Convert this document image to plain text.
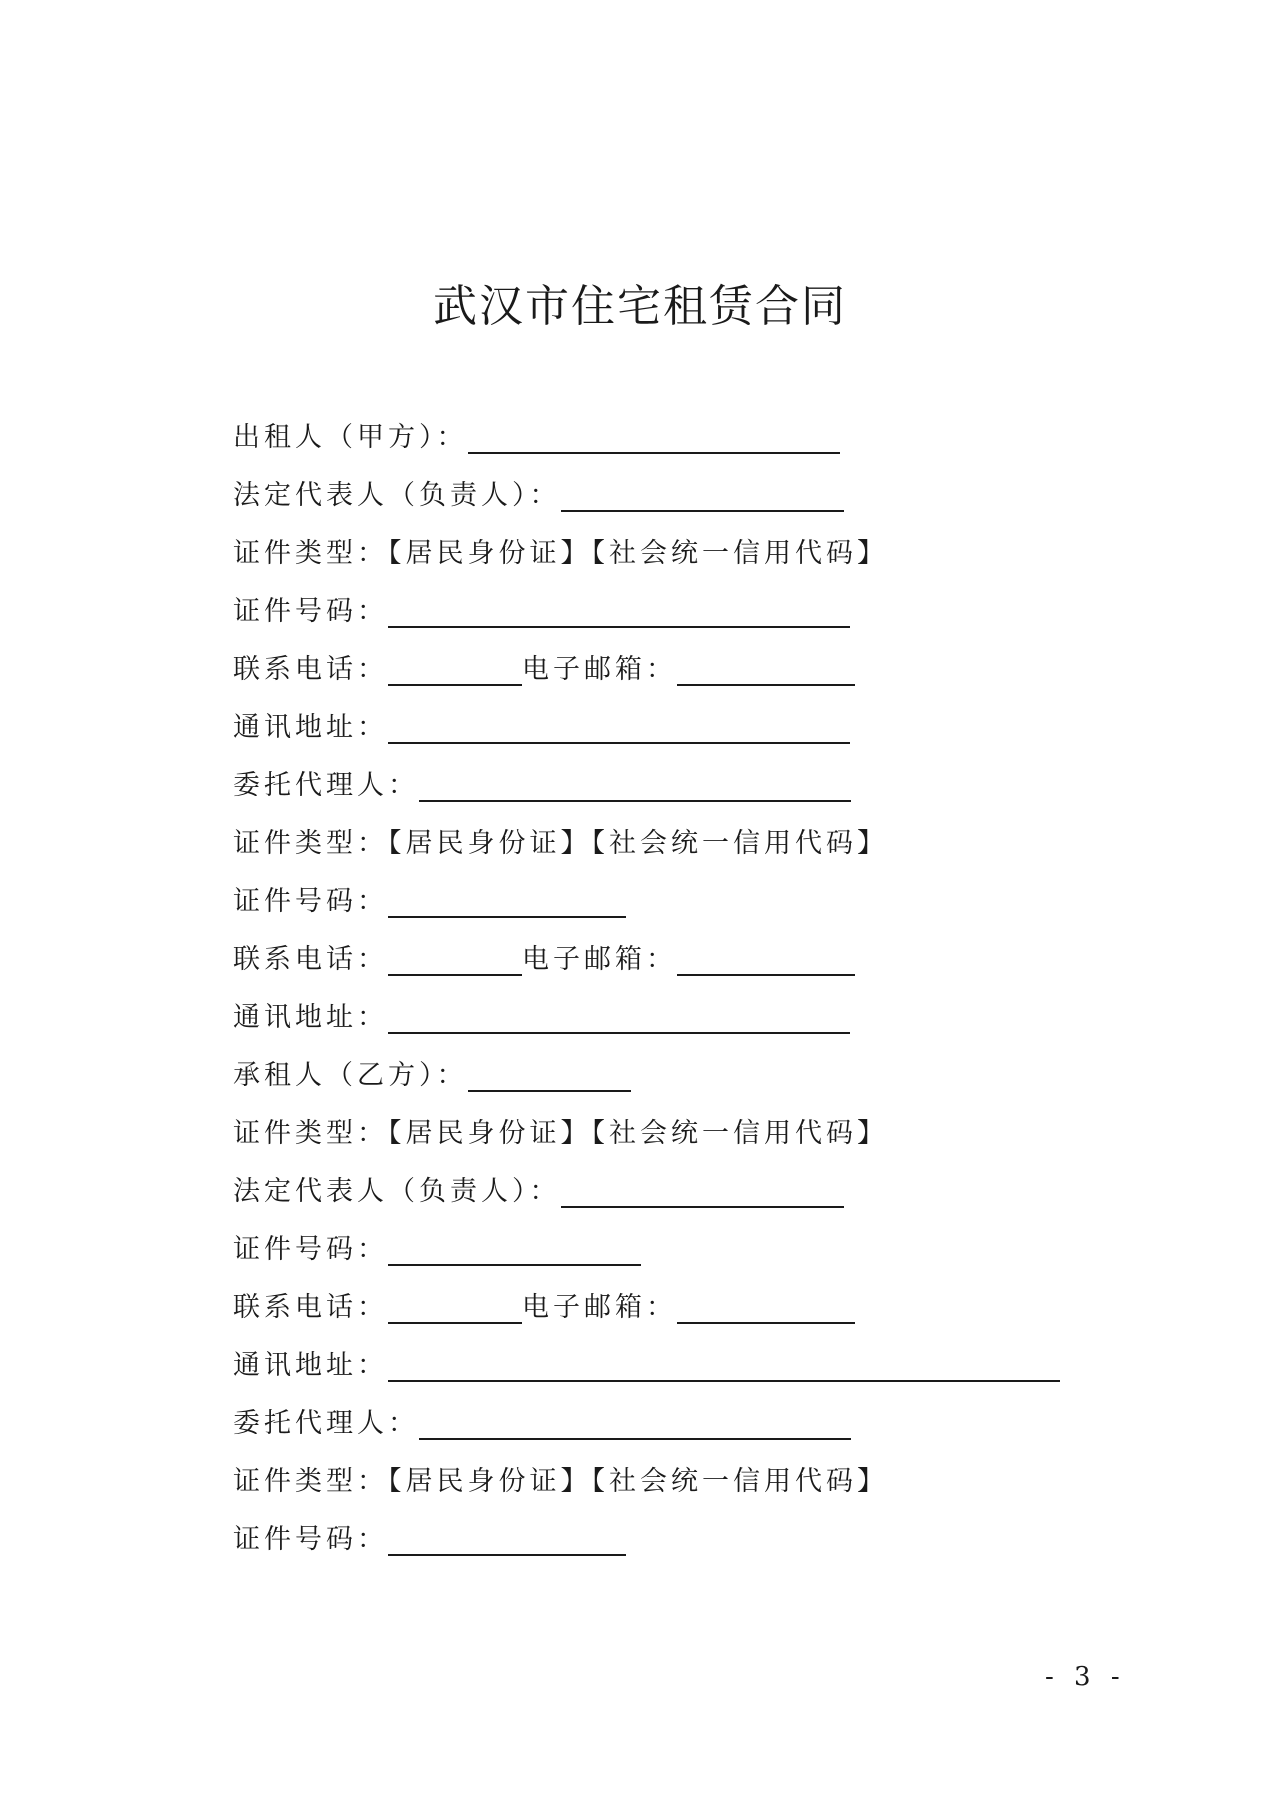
武汉市住宅租赁合同
出租人（甲方）：
法定代表人（负责人）：
证件类型：【居民身份证】【社会统一信用代码】
证件号码：
联系电话：	电子邮箱：
通讯地址：
委托代理人：
证件类型：【居民身份证】【社会统一信用代码】
证件号码：
联系电话：	电子邮箱：
通讯地址：
承租人（乙方）：
证件类型：【居民身份证】【社会统一信用代码】
法定代表人（负责人）：
证件号码：
联系电话：	电子邮箱：
通讯地址：
委托代理人：
证件类型：【居民身份证】【社会统一信用代码】
证件号码：
- 3 -
